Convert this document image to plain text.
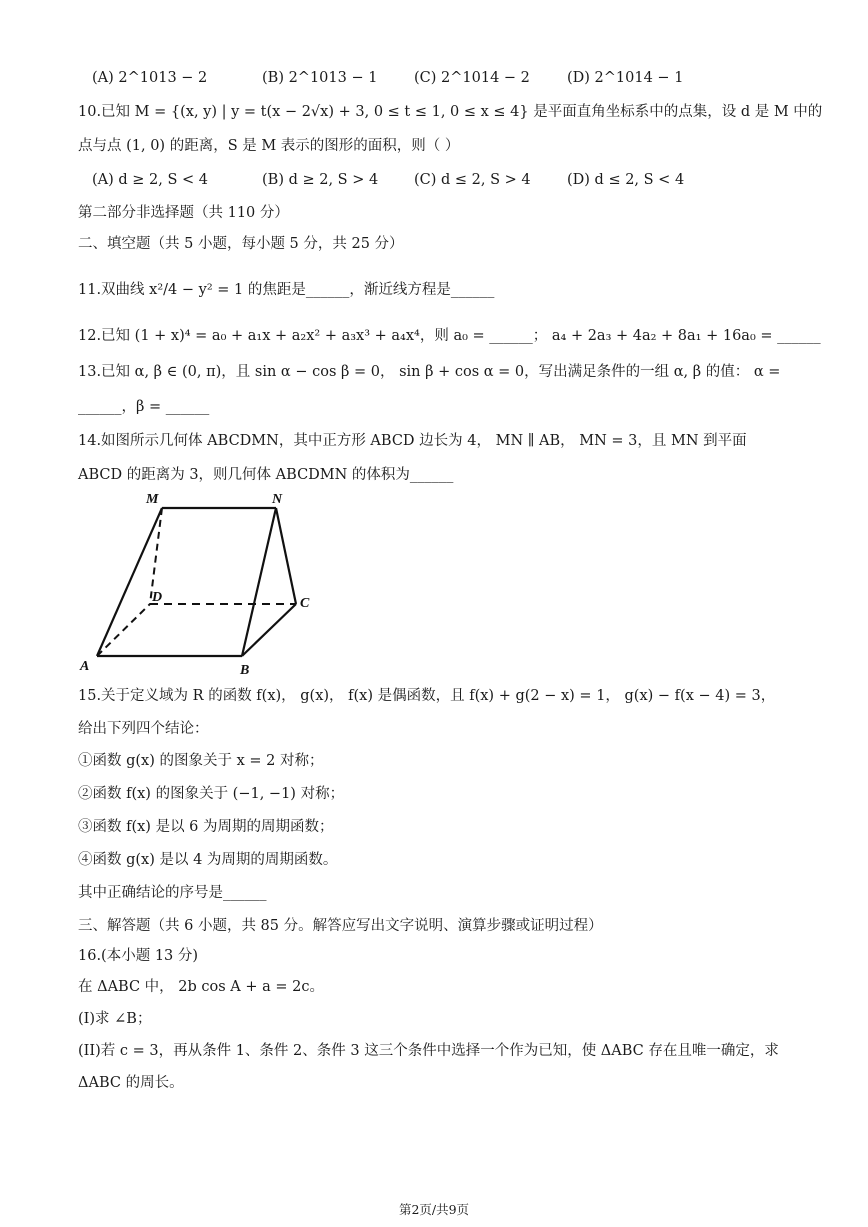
(A) 2^1013 − 2	(B) 2^1013 − 1	(C) 2^1014 − 2	(D) 2^1014 − 1
10.已知 M = {(x, y) | y = t(x − 2√x) + 3, 0 ≤ t ≤ 1, 0 ≤ x ≤ 4} 是平面直角坐标系中的点集，设 d 是 M 中的
点与点 (1, 0) 的距离，S 是 M 表示的图形的面积，则（ ）
(A) d ≥ 2, S < 4	(B) d ≥ 2, S > 4 (C) d ≤ 2, S > 4	(D) d ≤ 2, S < 4
第二部分非选择题（共 110 分）
二、填空题（共 5 小题，每小题 5 分，共 25 分）
11.双曲线 x²/4 − y² = 1 的焦距是______，渐近线方程是______
12.已知 (1 + x)⁴ = a₀ + a₁x + a₂x² + a₃x³ + a₄x⁴，则 a₀ = ______； a₄ + 2a₃ + 4a₂ + 8a₁ + 16a₀ = ______
13.已知 α, β ∈ (0, π)，且 sin α − cos β = 0， sin β + cos α = 0，写出满足条件的一组 α, β 的值： α =
______，β = ______
14.如图所示几何体 ABCDMN，其中正方形 ABCD 边长为 4， MN ∥ AB， MN = 3，且 MN 到平面
ABCD 的距离为 3，则几何体 ABCDMN 的体积为______
M	N
D	C
A	B
15.关于定义域为 R 的函数 f(x)， g(x)， f(x) 是偶函数，且 f(x) + g(2 − x) = 1， g(x) − f(x − 4) = 3，
给出下列四个结论：
①函数 g(x) 的图象关于 x = 2 对称；
②函数 f(x) 的图象关于 (−1, −1) 对称；
③函数 f(x) 是以 6 为周期的周期函数；
④函数 g(x) 是以 4 为周期的周期函数。
其中正确结论的序号是______
三、解答题（共 6 小题，共 85 分。解答应写出文字说明、演算步骤或证明过程）
16.(本小题 13 分)
在 ΔABC 中， 2b cos A + a = 2c。
(I)求 ∠B；
(II)若 c = 3，再从条件 1、条件 2、条件 3 这三个条件中选择一个作为已知，使 ΔABC 存在且唯一确定，求
ΔABC 的周长。
第2页/共9页
